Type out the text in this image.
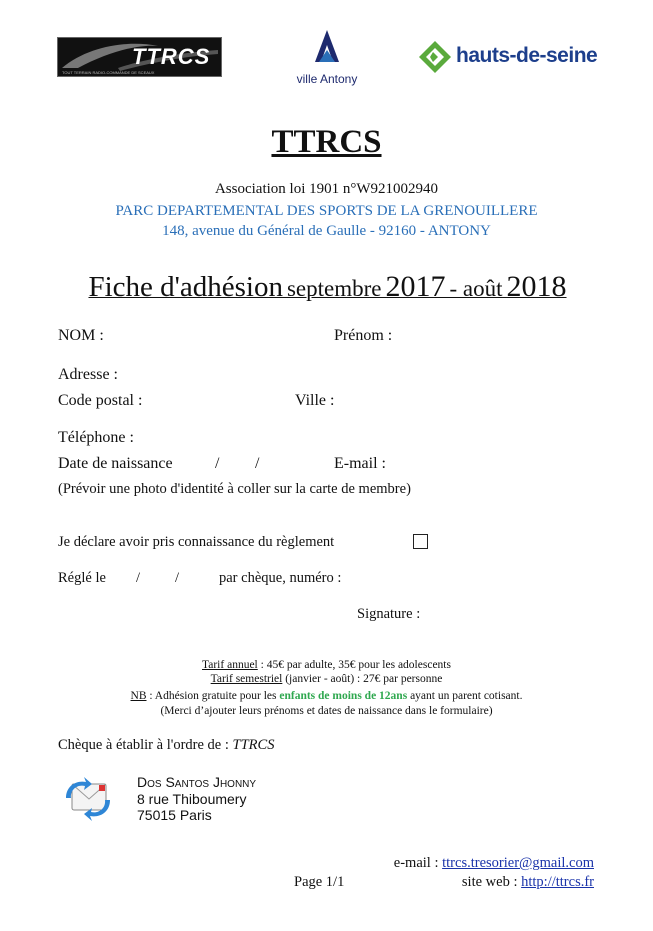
TTRCS
TOUT TERRAIN RADIO-COMMANDE DE SCEAUX	ville Antony
hauts-de-seine
TTRCS
Association loi 1901 n°W921002940
PARC DEPARTEMENTAL DES SPORTS DE LA GRENOUILLERE
148, avenue du Général de Gaulle - 92160 - ANTONY
Fiche d'adhésion septembre 2017 - août 2018
NOM :	Prénom :
Adresse :
Code postal :	Ville :
Téléphone :
Date de naissance	/ /	E-mail :
(Prévoir une photo d'identité à coller sur la carte de membre)
Je déclare avoir pris connaissance du règlement
Réglé le / /	par chèque, numéro :
Signature :
Tarif annuel : 45€ par adulte, 35€ pour les adolescents
Tarif semestriel (janvier - août) : 27€ par personne
NB : Adhésion gratuite pour les enfants de moins de 12ans ayant un parent cotisant.
(Merci d’ajouter leurs prénoms et dates de naissance dans le formulaire)
Chèque à établir à l'ordre de : TTRCS
Dos Santos Jhonny
8 rue Thiboumery
75015 Paris
e-mail : ttrcs.tresorier@gmail.com
Page 1/1	site web : http://ttrcs.fr
